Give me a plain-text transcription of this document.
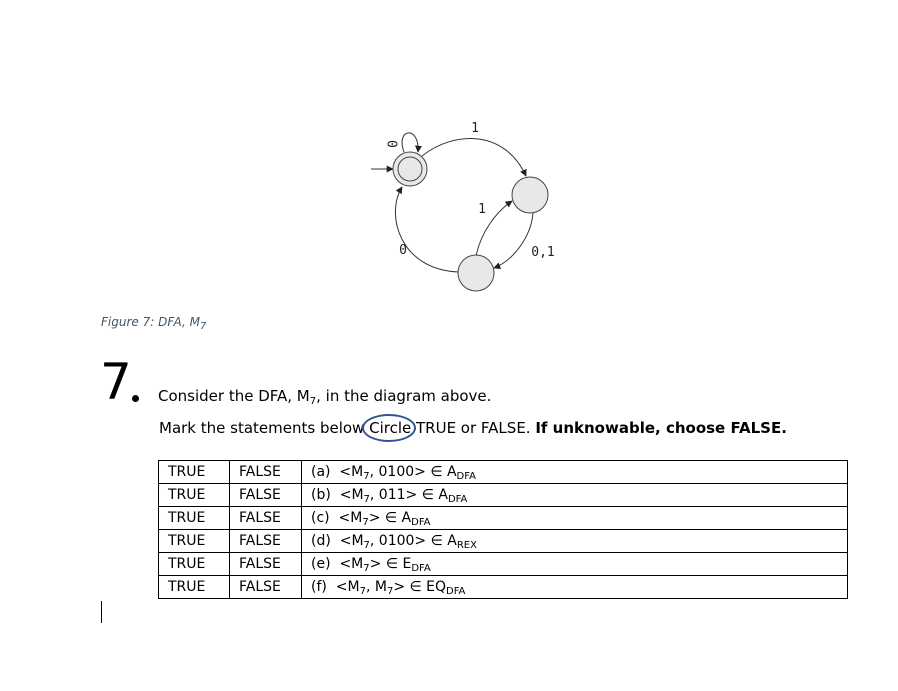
0
1
1
0	0,1
Figure 7: DFA, $M_7$
7 Consider the DFA, $M_7$, in the diagram above.
Mark the statements below Circle TRUE or FALSE. If unknowable, choose FALSE.
TRUE	FALSE	$(a) <M_7$, 0100> ∈ $A_{DFA}$
TRUE	FALSE	$(b) <M_7$, 011> ∈ $A_{DFA}$
TRUE	FALSE	$(c) <M_7>$ ∈ $A_{DFA}$
TRUE	FALSE	$(d) <M_7$, 0100> ∈ $A_{REX}$
TRUE	FALSE	$(e) <M_7>$ ∈ $E_{DFA}$
TRUE	FALSE	$(f) <M_7$, $M_7>$ ∈ $EQ_{DFA}$
